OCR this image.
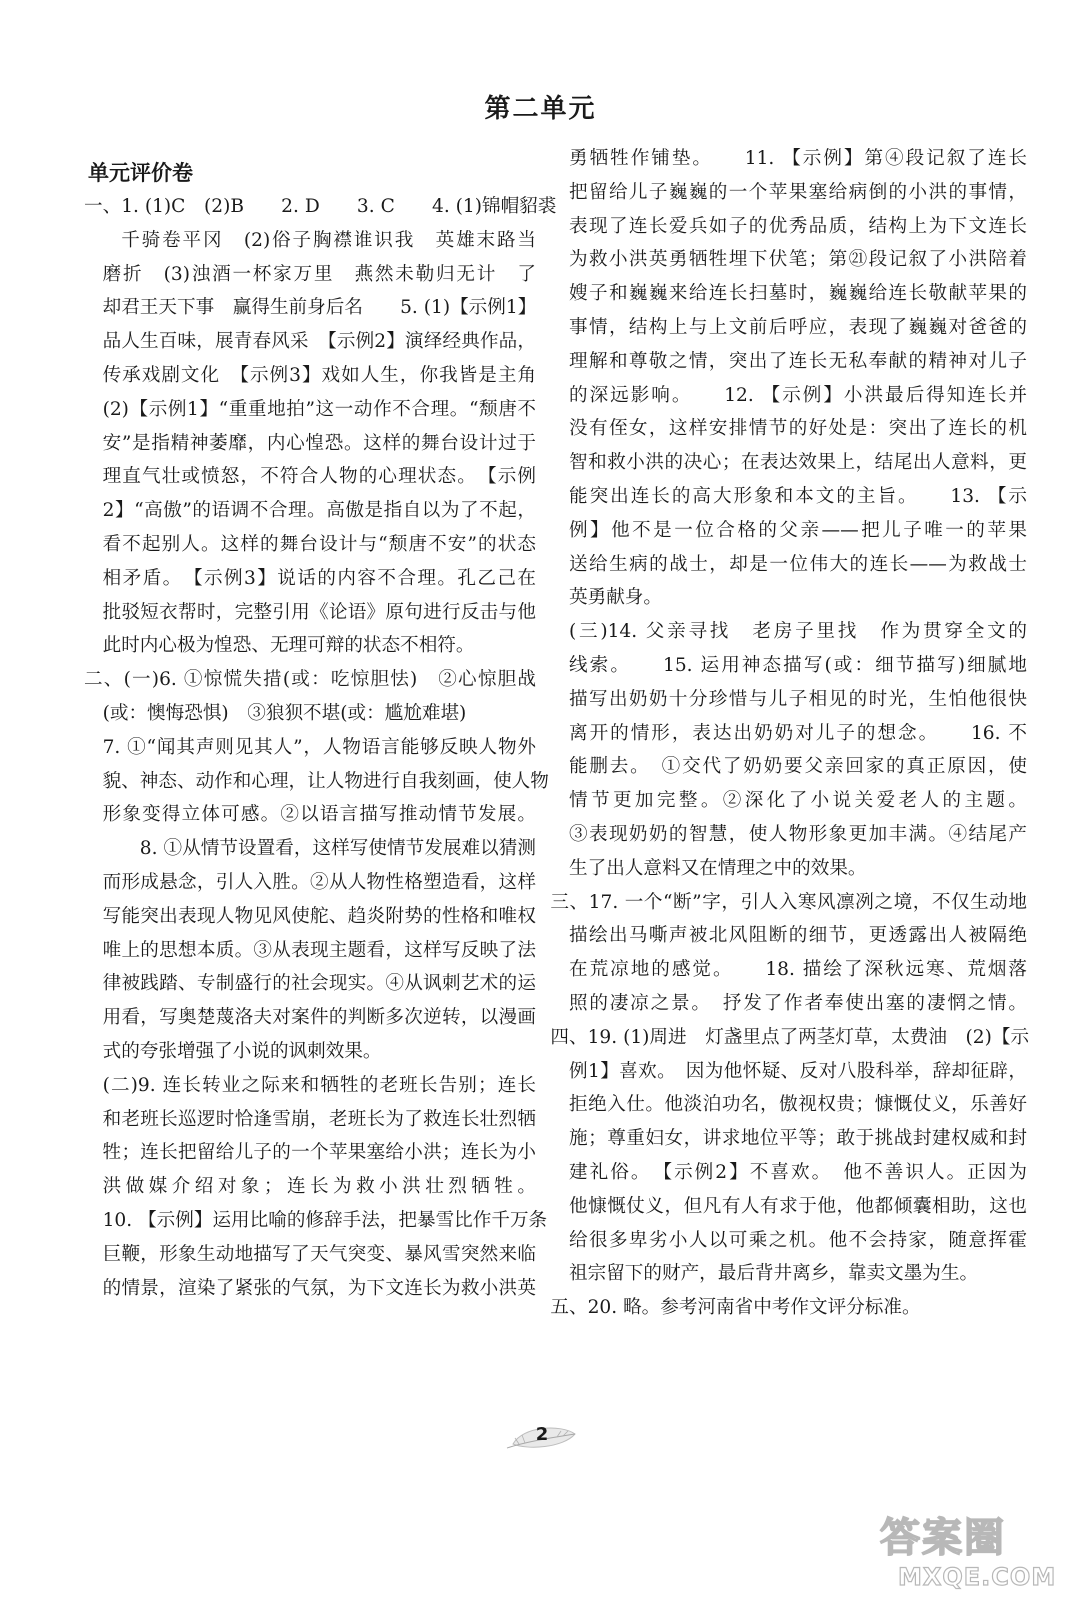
第二单元
单元评价卷
一、1. (1)C　(2)B　　2. D　　3. C　　4. (1)锦帽貂裘
千骑卷平冈　(2)俗子胸襟谁识我　英雄末路当
磨折　(3)浊酒一杯家万里　燕然未勒归无计　了
却君王天下事　赢得生前身后名　　5. (1)【示例1】
品人生百味，展青春风采　【示例2】演绎经典作品，
传承戏剧文化　【示例3】戏如人生，你我皆是主角
(2)【示例1】“重重地拍”这一动作不合理。“颓唐不
安”是指精神萎靡，内心惶恐。这样的舞台设计过于
理直气壮或愤怒，不符合人物的心理状态。　【示例
2】“高傲”的语调不合理。高傲是指自以为了不起，
看不起别人。这样的舞台设计与“颓唐不安”的状态
相矛盾。　【示例3】说话的内容不合理。孔乙己在
批驳短衣帮时，完整引用《论语》原句进行反击与他
此时内心极为惶恐、无理可辩的状态不相符。
二、(一)6. ①惊慌失措(或：吃惊胆怯)　②心惊胆战
(或：懊悔恐惧)　③狼狈不堪(或：尴尬难堪)
7. ①“闻其声则见其人”，人物语言能够反映人物外
貌、神态、动作和心理，让人物进行自我刻画，使人物
形象变得立体可感。②以语言描写推动情节发展。
8. ①从情节设置看，这样写使情节发展难以猜测
而形成悬念，引人入胜。②从人物性格塑造看，这样
写能突出表现人物见风使舵、趋炎附势的性格和唯权
唯上的思想本质。③从表现主题看，这样写反映了法
律被践踏、专制盛行的社会现实。④从讽刺艺术的运
用看，写奥楚蔑洛夫对案件的判断多次逆转，以漫画
式的夸张增强了小说的讽刺效果。
(二)9. 连长转业之际来和牺牲的老班长告别；连长
和老班长巡逻时恰逢雪崩，老班长为了救连长壮烈牺
牲；连长把留给儿子的一个苹果塞给小洪；连长为小
洪做媒介绍对象；连长为救小洪壮烈牺牲。
10. 【示例】运用比喻的修辞手法，把暴雪比作千万条
巨鞭，形象生动地描写了天气突变、暴风雪突然来临
的情景，渲染了紧张的气氛，为下文连长为救小洪英
勇牺牲作铺垫。　　11. 【示例】第④段记叙了连长
把留给儿子巍巍的一个苹果塞给病倒的小洪的事情，
表现了连长爱兵如子的优秀品质，结构上为下文连长
为救小洪英勇牺牲埋下伏笔；第㉑段记叙了小洪陪着
嫂子和巍巍来给连长扫墓时，巍巍给连长敬献苹果的
事情，结构上与上文前后呼应，表现了巍巍对爸爸的
理解和尊敬之情，突出了连长无私奉献的精神对儿子
的深远影响。　　12. 【示例】小洪最后得知连长并
没有侄女，这样安排情节的好处是：突出了连长的机
智和救小洪的决心；在表达效果上，结尾出人意料，更
能突出连长的高大形象和本文的主旨。　　13. 【示
例】他不是一位合格的父亲——把儿子唯一的苹果
送给生病的战士，却是一位伟大的连长——为救战士
英勇献身。
(三)14. 父亲寻找　老房子里找　作为贯穿全文的
线索。　　15. 运用神态描写(或：细节描写)细腻地
描写出奶奶十分珍惜与儿子相见的时光，生怕他很快
离开的情形，表达出奶奶对儿子的想念。　　16. 不
能删去。　①交代了奶奶要父亲回家的真正原因，使
情节更加完整。②深化了小说关爱老人的主题。
③表现奶奶的智慧，使人物形象更加丰满。④结尾产
生了出人意料又在情理之中的效果。
三、17. 一个“断”字，引人入寒风凛冽之境，不仅生动地
描绘出马嘶声被北风阻断的细节，更透露出人被隔绝
在荒凉地的感觉。　　18. 描绘了深秋远寒、荒烟落
照的凄凉之景。　抒发了作者奉使出塞的凄惘之情。
四、19. (1)周进　灯盏里点了两茎灯草，太费油　(2)【示
例1】喜欢。　因为他怀疑、反对八股科举，辞却征辟，
拒绝入仕。他淡泊功名，傲视权贵；慷慨仗义，乐善好
施；尊重妇女，讲求地位平等；敢于挑战封建权威和封
建礼俗。　【示例2】不喜欢。　他不善识人。正因为
他慷慨仗义，但凡有人有求于他，他都倾囊相助，这也
给很多卑劣小人以可乘之机。他不会持家，随意挥霍
祖宗留下的财产，最后背井离乡，靠卖文墨为生。
五、20. 略。参考河南省中考作文评分标准。
2
答案圈
MXQE.COM
